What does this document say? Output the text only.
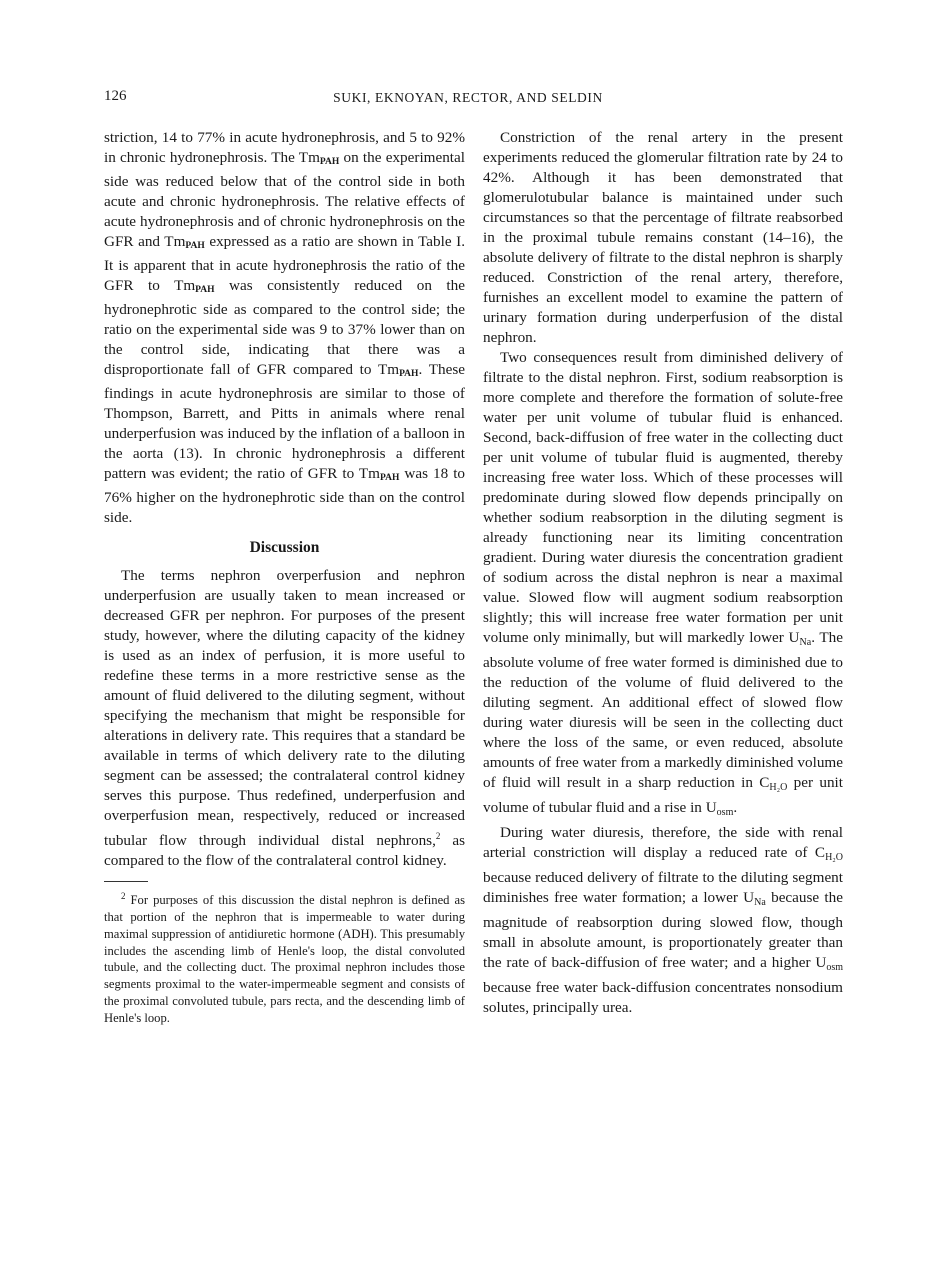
126	SUKI, EKNOYAN, RECTOR, AND SELDIN

striction, 14 to 77% in acute hydronephrosis, and 5 to 92% in chronic hydronephrosis. The $Tm_{PAH}$ on the experimental side was reduced below that of the control side in both acute and chronic hydronephrosis. The relative effects of acute hydronephrosis and of chronic hydronephrosis on the GFR and $Tm_{PAH}$ expressed as a ratio are shown in Table I. It is apparent that in acute hydronephrosis the ratio of the GFR to $Tm_{PAH}$ was consistently reduced on the hydronephrotic side as compared to the control side; the ratio on the experimental side was 9 to 37% lower than on the control side, indicating that there was a disproportionate fall of GFR compared to $Tm_{PAH}$. These findings in acute hydronephrosis are similar to those of Thompson, Barrett, and Pitts in animals where renal underperfusion was induced by the inflation of a balloon in the aorta (13). In chronic hydronephrosis a different pattern was evident; the ratio of GFR to $Tm_{PAH}$ was 18 to 76% higher on the hydronephrotic side than on the control side.

Discussion

The terms nephron overperfusion and nephron underperfusion are usually taken to mean increased or decreased GFR per nephron. For purposes of the present study, however, where the diluting capacity of the kidney is used as an index of perfusion, it is more useful to redefine these terms in a more restrictive sense as the amount of fluid delivered to the diluting segment, without specifying the mechanism that might be responsible for alterations in delivery rate. This requires that a standard be available in terms of which delivery rate to the diluting segment can be assessed; the contralateral control kidney serves this purpose. Thus redefined, underperfusion and overperfusion mean, respectively, reduced or increased tubular flow through individual distal nephrons,$^2$ as compared to the flow of the contralateral control kidney.

$^2$ For purposes of this discussion the distal nephron is defined as that portion of the nephron that is impermeable to water during maximal suppression of antidiuretic hormone (ADH). This presumably includes the ascending limb of Henle's loop, the distal convoluted tubule, and the collecting duct. The proximal nephron includes those segments proximal to the water-impermeable segment and consists of the proximal convoluted tubule, pars recta, and the descending limb of Henle's loop.

Constriction of the renal artery in the present experiments reduced the glomerular filtration rate by 24 to 42%. Although it has been demonstrated that glomerulotubular balance is maintained under such circumstances so that the percentage of filtrate reabsorbed in the proximal tubule remains constant (14–16), the absolute delivery of filtrate to the distal nephron is sharply reduced. Constriction of the renal artery, therefore, furnishes an excellent model to examine the pattern of urinary formation during underperfusion of the distal nephron.

Two consequences result from diminished delivery of filtrate to the distal nephron. First, sodium reabsorption is more complete and therefore the formation of solute-free water per unit volume of tubular fluid is enhanced. Second, back-diffusion of free water in the collecting duct per unit volume of tubular fluid is augmented, thereby increasing free water loss. Which of these processes will predominate during slowed flow depends principally on whether sodium reabsorption in the diluting segment is already functioning near its limiting concentration gradient. During water diuresis the concentration gradient of sodium across the distal nephron is near a maximal value. Slowed flow will augment sodium reabsorption slightly; this will increase free water formation per unit volume only minimally, but will markedly lower $U_{Na}$. The absolute volume of free water formed is diminished due to the reduction of the volume of fluid delivered to the diluting segment. An additional effect of slowed flow during water diuresis will be seen in the collecting duct where the loss of the same, or even reduced, absolute amounts of free water from a markedly diminished volume of fluid will result in a sharp reduction in $C_{H_2O}$ per unit volume of tubular fluid and a rise in $U_{osm}$.

During water diuresis, therefore, the side with renal arterial constriction will display a reduced rate of $C_{H_2O}$ because reduced delivery of filtrate to the diluting segment diminishes free water formation; a lower $U_{Na}$ because the magnitude of reabsorption during slowed flow, though small in absolute amount, is proportionately greater than the rate of back-diffusion of free water; and a higher $U_{osm}$ because free water back-diffusion concentrates nonsodium solutes, principally urea.
